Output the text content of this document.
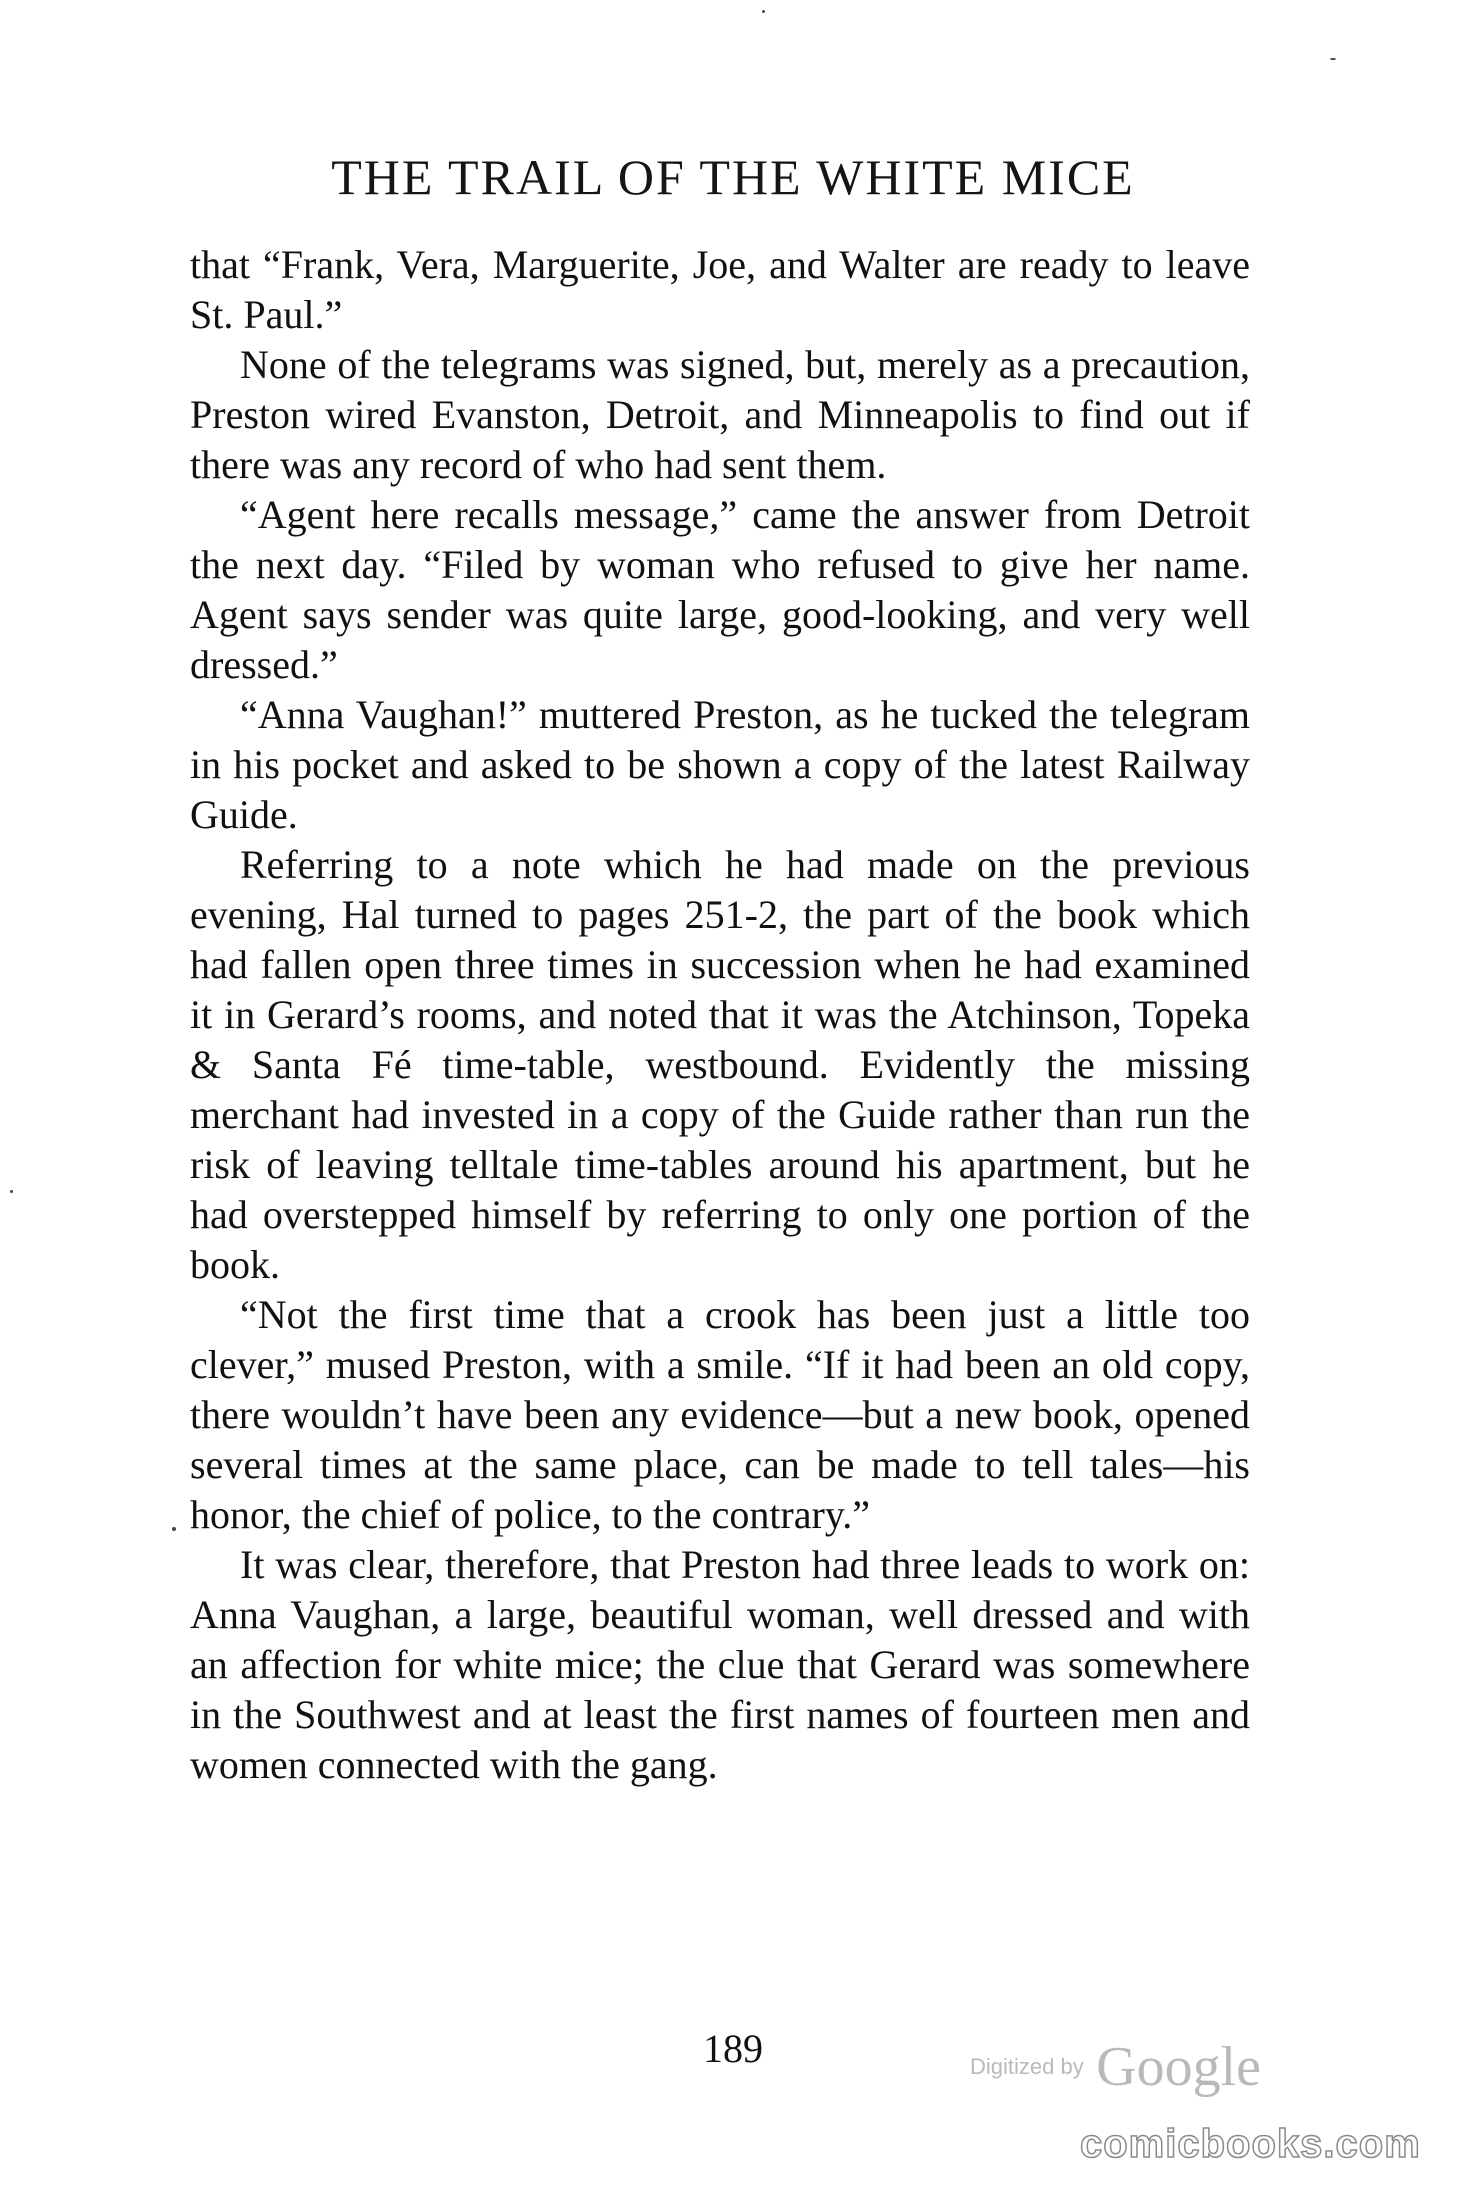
THE TRAIL OF THE WHITE MICE

that “Frank, Vera, Marguerite, Joe, and Walter are ready to leave St. Paul.”

None of the telegrams was signed, but, merely as a precaution, Preston wired Evanston, Detroit, and Minneapolis to find out if there was any record of who had sent them.

“Agent here recalls message,” came the answer from Detroit the next day. “Filed by woman who refused to give her name. Agent says sender was quite large, good-looking, and very well dressed.”

“Anna Vaughan!” muttered Preston, as he tucked the telegram in his pocket and asked to be shown a copy of the latest Railway Guide.

Referring to a note which he had made on the previous evening, Hal turned to pages 251-2, the part of the book which had fallen open three times in succession when he had examined it in Gerard’s rooms, and noted that it was the Atchinson, Topeka & Santa Fé time-table, westbound. Evidently the missing merchant had invested in a copy of the Guide rather than run the risk of leaving telltale time-tables around his apartment, but he had overstepped himself by referring to only one portion of the book.

“Not the first time that a crook has been just a little too clever,” mused Preston, with a smile. “If it had been an old copy, there wouldn’t have been any evidence—but a new book, opened several times at the same place, can be made to tell tales—his honor, the chief of police, to the contrary.”

It was clear, therefore, that Preston had three leads to work on: Anna Vaughan, a large, beautiful woman, well dressed and with an affection for white mice; the clue that Gerard was somewhere in the Southwest and at least the first names of fourteen men and women connected with the gang.

189	Digitized by Google
comicbooks.com
